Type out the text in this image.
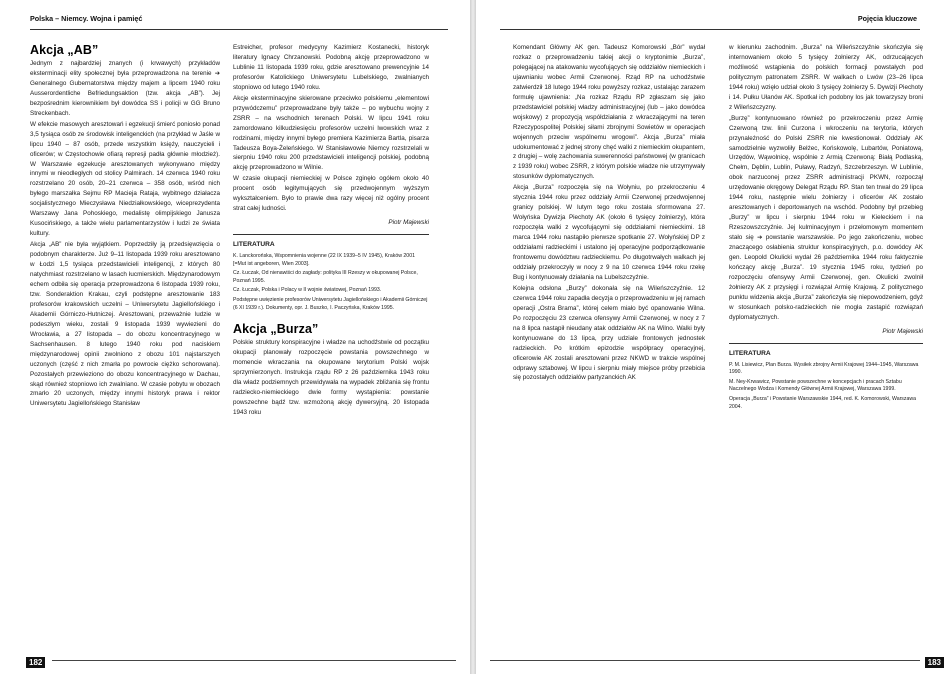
Polska – Niemcy. Wojna i pamięć
Akcja „AB”

Jednym z najbardziej znanych (i krwawych) przykładów eksterminacji elity społecznej była przeprowadzona na terenie ➔ Generalnego Gubernatorstwa między majem a lipcem 1940 roku Ausserordentliche Befriedungsaktion (tzw. akcja „AB”). Jej bezpośrednim kierownikiem był dowódca SS i policji w GG Bruno Streckenbach.

W efekcie masowych aresztowań i egzekucji śmierć poniosło ponad 3,5 tysiąca osób ze środowisk inteligenckich (na przykład w Jaśle w lipcu 1940 – 87 osób, przede wszystkim księży, nauczycieli i oficerów; w Częstochowie ofiarą represji padła głównie młodzież). W Warszawie egzekucje aresztowanych wykonywano między innymi w nieodległych od stolicy Palmirach. 14 czerwca 1940 roku rozstrzelano 20 osób, 20–21 czerwca – 358 osób, wśród nich byłego marszałka Sejmu RP Macieja Rataja, wybitnego działacza socjalistycznego Mieczysława Niedziałkowskiego, wiceprezydenta Warszawy Jana Pohoskiego, medalistę olimpijskiego Janusza Kusocińskiego, a także wielu parlamentarzystów i ludzi ze świata kultury.

Akcja „AB” nie była wyjątkiem. Poprzedziły ją przedsięwzięcia o podobnym charakterze. Już 9–11 listopada 1939 roku aresztowano w Łodzi 1,5 tysiąca przedstawicieli inteligencji, z których 80 natychmiast rozstrzelano w lasach łucmierskich. Międzynarodowym echem odbiła się operacja przeprowadzona 6 listopada 1939 roku, tzw. Sonderaktion Krakau, czyli podstępne aresztowanie 183 profesorów krakowskich uczelni – Uniwersytetu Jagiellońskiego i Akademii Górniczo-Hutniczej. Aresztowani, przeważnie ludzie w podeszłym wieku, zostali 9 listopada 1939 wywiezieni do Wrocławia, a 27 listopada – do obozu koncentracyjnego w Sachsenhausen. 8 lutego 1940 roku pod naciskiem międzynarodowej opinii zwolniono z obozu 101 najstarszych uczonych (część z nich zmarła po powrocie ciężko schorowana). Pozostałych przewieziono do obozu koncentracyjnego w Dachau, skąd również stopniowo ich zwalniano. W czasie pobytu w obozach zmarło 20 uczonych, między innymi historyk prawa i rektor Uniwersytetu Jagiellońskiego Stanisław

Estreicher, profesor medycyny Kazimierz Kostanecki, historyk literatury Ignacy Chrzanowski. Podobną akcję przeprowadzono w Lublinie 11 listopada 1939 roku, gdzie aresztowano prewencyjnie 14 profesorów Katolickiego Uniwersytetu Lubelskiego, zwalnianych stopniowo od lutego 1940 roku.

Akcje eksterminacyjne skierowane przeciwko polskiemu „elementowi przywódczemu” przeprowadzane były także – po wybuchu wojny z ZSRR – na wschodnich terenach Polski. W lipcu 1941 roku zamordowano kilkudziesięciu profesorów uczelni lwowskich wraz z rodzinami, między innymi byłego premiera Kazimierza Bartla, pisarza Tadeusza Boya-Żeleńskiego. W Stanisławowie Niemcy rozstrzelali w sierpniu 1940 roku 200 przedstawicieli inteligencji polskiej, podobną akcję przeprowadzono w Wilnie.

W czasie okupacji niemieckiej w Polsce zginęło ogółem około 40 procent osób legitymujących się przedwojennym wyższym wykształceniem. Było to prawie dwa razy więcej niż ogólny procent strat całej ludności.

Piotr Majewski
LITERATURA
K. Lanckorońska, Wspomnienia wojenne (22 IX 1939–5 IV 1945), Kraków 2001 [=Mut ist angeboren, Wien 2003].
Cz. Łuczak, Od nienawiści do zagłady: polityka III Rzeszy w okupowanej Polsce, Poznań 1995.
Cz. Łuczak, Polska i Polacy w II wojnie światowej, Poznań 1993.
Podstępne uwięzienie profesorów Uniwersytetu Jagiellońskiego i Akademii Górniczej (6 XI 1939 r.). Dokumenty, opr. J. Buszko, I. Paczyńska, Kraków 1995.
Akcja „Burza”

Polskie struktury konspiracyjne i władze na uchodźstwie od początku okupacji planowały rozpoczęcie powstania powszechnego w momencie wkraczania na okupowane terytorium Polski wojsk sprzymierzonych. Instrukcja rządu RP z 26 października 1943 roku dla władz podziemnych przewidywała na wypadek zbliżania się frontu radziecko-niemieckiego dwie formy wystąpienia: powstanie powszechne bądź tzw. wzmożoną akcję dywersyjną. 20 listopada 1943 roku

182
Pojęcia kluczowe

Komendant Główny AK gen. Tadeusz Komorowski „Bór” wydał rozkaz o przeprowadzeniu takiej akcji o kryptonimie „Burza”, polegającej na atakowaniu wycofujących się oddziałów niemieckich i ujawnianiu wobec Armii Czerwonej. Rząd RP na uchodźstwie zatwierdził 18 lutego 1944 roku powyższy rozkaz, ustalając zarazem formułę ujawnienia: „Na rozkaz Rządu RP zgłaszam się jako przedstawiciel polskiej władzy administracyjnej (lub – jako dowódca wojskowy) z propozycją współdziałania z wkraczającymi na teren Rzeczypospolitej Polskiej siłami zbrojnymi Sowietów w operacjach wojennych przeciw wspólnemu wrogowi”. Akcja „Burza” miała udokumentować z jednej strony chęć walki z niemieckim okupantem, z drugiej – wolę zachowania suwerenności państwowej (w granicach z 1939 roku) wobec ZSRR, z którym polskie władze nie utrzymywały stosunków dyplomatycznych.

Akcja „Burza” rozpoczęła się na Wołyniu, po przekroczeniu 4 stycznia 1944 roku przez oddziały Armii Czerwonej przedwojennej granicy polskiej. W lutym tego roku została sformowana 27. Wołyńska Dywizja Piechoty AK (około 6 tysięcy żołnierzy), która rozpoczęła walki z wycofującymi się oddziałami niemieckimi. 18 marca 1944 roku nastąpiło pierwsze spotkanie 27. Wołyńskiej DP z oddziałami radzieckimi i ustalono jej operacyjne podporządkowanie frontowemu dowództwu radzieckiemu. Po długotrwałych walkach jej oddziały przekroczyły w nocy z 9 na 10 czerwca 1944 roku rzekę Bug i kontynuowały działania na Lubelszczyźnie.

Kolejna odsłona „Burzy” dokonała się na Wileńszczyźnie. 12 czerwca 1944 roku zapadła decyzja o przeprowadzeniu w jej ramach operacji „Ostra Brama”, której celem miało być opanowanie Wilna. Po rozpoczęciu 23 czerwca ofensywy Armii Czerwonej, w nocy z 7 na 8 lipca nastąpił nieudany atak oddziałów AK na Wilno. Walki były kontynuowane do 13 lipca, przy udziale frontowych jednostek radzieckich. Po krótkim epizodzie współpracy operacyjnej, oficerowie AK zostali aresztowani przez NKWD w trakcie wspólnej odprawy sztabowej. W lipcu i sierpniu miały miejsce próby przebicia się pozostałych oddziałów partyzanckich AK

w kierunku zachodnim. „Burza” na Wileńszczyźnie skończyła się internowaniem około 5 tysięcy żołnierzy AK, odrzucających możliwość wstąpienia do polskich formacji powstałych pod politycznym patronatem ZSRR. W walkach o Lwów (23–26 lipca 1944 roku) wzięło udział około 3 tysięcy żołnierzy 5. Dywizji Piechoty i 14. Pułku Ułanów AK. Spotkał ich podobny los jak towarzyszy broni z Wileńszczyzny.

„Burzę” kontynuowano również po przekroczeniu przez Armię Czerwoną tzw. linii Curzona i wkroczeniu na terytoria, których przynależność do Polski ZSRR nie kwestionował. Oddziały AK samodzielnie wyzwoliły Bełżec, Końskowolę, Lubartów, Poniatową, Urzędów, Wąwolnicę, wspólnie z Armią Czerwoną: Białą Podlaską, Chełm, Dęblin, Lublin, Puławy, Radzyń, Szczebrzeszyn. W Lublinie, obok narzuconej przez ZSRR administracji PKWN, rozpoczął urzędowanie okręgowy Delegat Rządu RP. Stan ten trwał do 29 lipca 1944 roku, następnie wielu żołnierzy i oficerów AK zostało aresztowanych i deportowanych na wschód. Podobny był przebieg „Burzy” w lipcu i sierpniu 1944 roku w Kieleckiem i na Rzeszowszczyźnie. Jej kulminacyjnym i przełomowym momentem stało się ➔ powstanie warszawskie. Po jego zakończeniu, wobec znaczącego osłabienia struktur konspiracyjnych, p.o. dowódcy AK gen. Leopold Okulicki wydał 26 października 1944 roku faktycznie kończący akcję „Burza”. 19 stycznia 1945 roku, tydzień po rozpoczęciu ofensywy Armii Czerwonej, gen. Okulicki zwolnił żołnierzy AK z przysięgi i rozwiązał Armię Krajową. Z politycznego punktu widzenia akcja „Burza” zakończyła się niepowodzeniem, gdyż w stosunkach polsko-radzieckich nie mogła zastąpić rozwiązań dyplomatycznych.

Piotr Majewski
LITERATURA
P. M. Lisiewicz, Plan Burza. Wysiłek zbrojny Armii Krajowej 1944–1945, Warszawa 1990.
M. Ney-Krwawicz, Powstanie powszechne w koncepcjach i pracach Sztabu Naczelnego Wodza i Komendy Głównej Armii Krajowej, Warszawa 1999.
Operacja „Burza” i Powstanie Warszawskie 1944, red. K. Komorowski, Warszawa 2004.
183
